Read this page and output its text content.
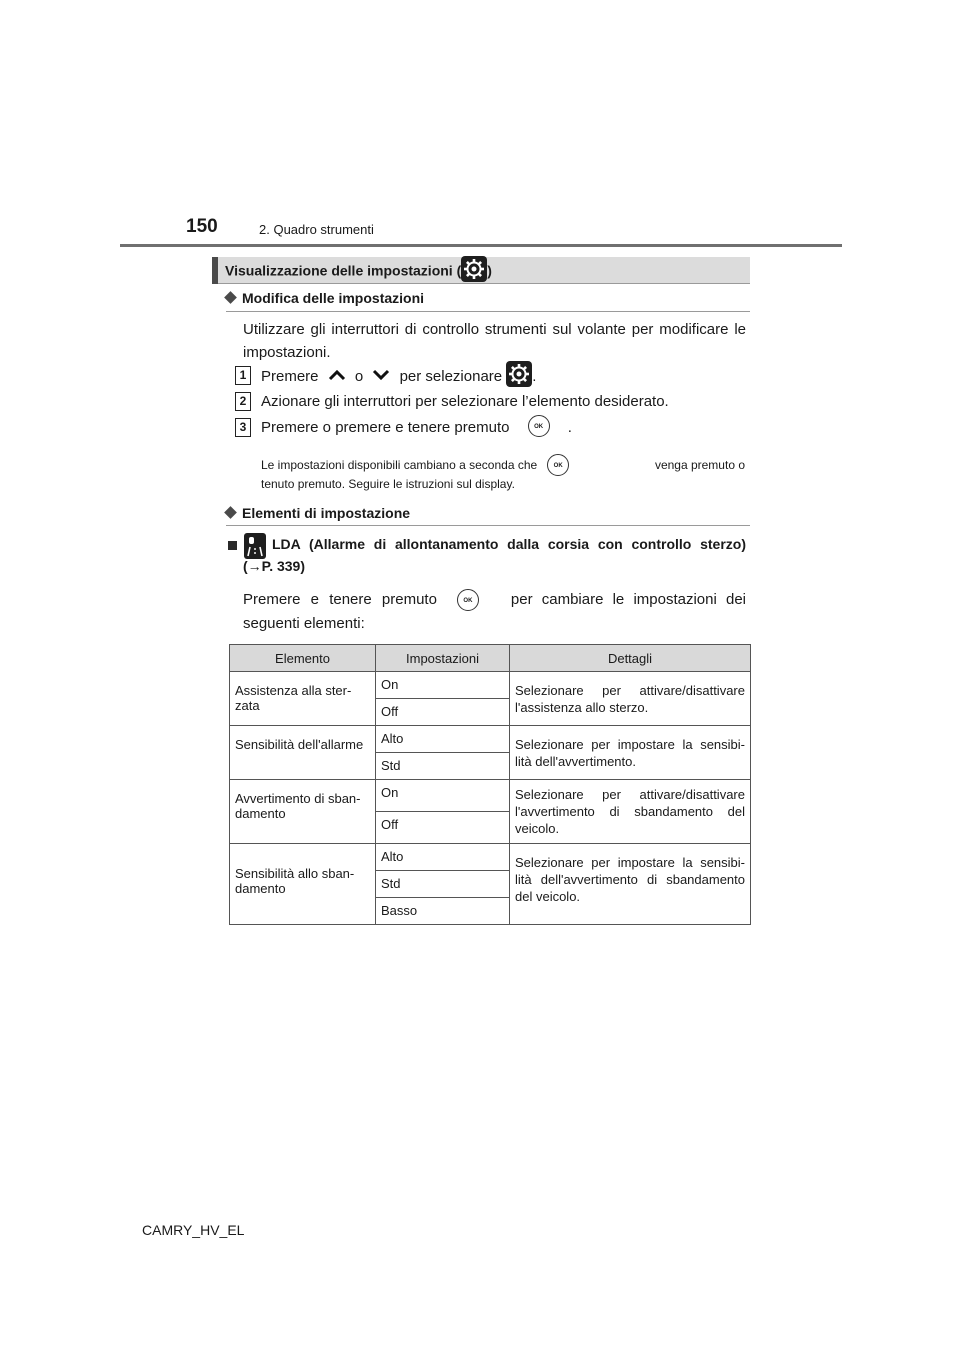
150	2. Quadro strumenti
Visualizzazione delle impostazioni ( )
Modifica delle impostazioni
Utilizzare gli interruttori di controllo strumenti sul volante per modificare le
impostazioni.
1 Premere o per selezionare .
2 Azionare gli interruttori per selezionare l’elemento desiderato.
3 Premere o premere e tenere premuto	OK .
Le impostazioni disponibili cambiano a seconda che	OK	venga premuto o
tenuto premuto. Seguire le istruzioni sul display.
Elementi di impostazione
LDA (Allarme di allontanamento dalla corsia con controllo sterzo)
(→P. 339)
Premere e tenere premuto	OK	per cambiare le impostazioni dei
seguenti elementi:
Elemento	Impostazioni	Dettagli
Assistenza alla ster-zata	On	Selezionare per attivare/disattivare l'assistenza allo sterzo.
	Off	
Sensibilità dell'allarme	Alto	Selezionare per impostare la sensibi-lità dell'avvertimento.
	Std	
Avvertimento di sban-damento	On	Selezionare per attivare/disattivare l'avvertimento di sbandamento del veicolo.
	Off	
Sensibilità allo sban-damento	Alto	Selezionare per impostare la sensibi-lità dell'avvertimento di sbandamento del veicolo.
	Std	
	Basso	
CAMRY_HV_EL
